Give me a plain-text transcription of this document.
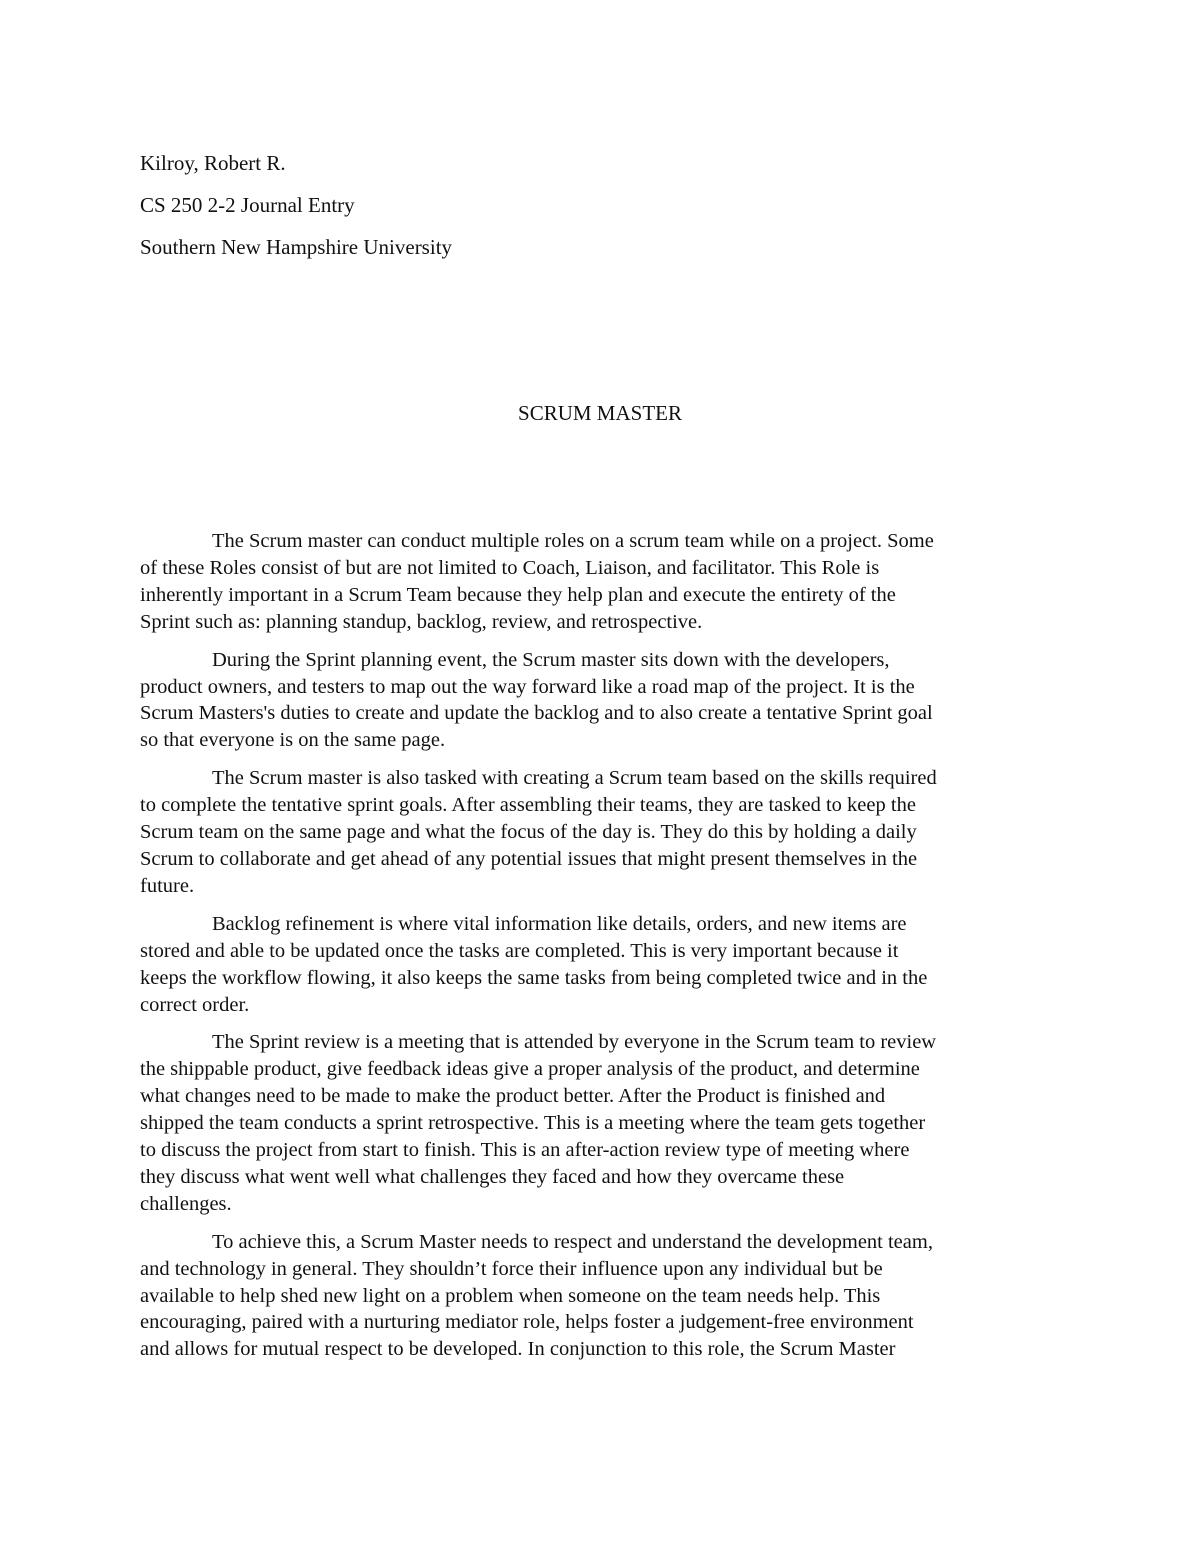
Kilroy, Robert R.
CS 250 2-2 Journal Entry
Southern New Hampshire University
SCRUM MASTER

The Scrum master can conduct multiple roles on a scrum team while on a project. Some
of these Roles consist of but are not limited to Coach, Liaison, and facilitator. This Role is
inherently important in a Scrum Team because they help plan and execute the entirety of the
Sprint such as: planning standup, backlog, review, and retrospective.

During the Sprint planning event, the Scrum master sits down with the developers,
product owners, and testers to map out the way forward like a road map of the project. It is the
Scrum Masters's duties to create and update the backlog and to also create a tentative Sprint goal
so that everyone is on the same page.

The Scrum master is also tasked with creating a Scrum team based on the skills required
to complete the tentative sprint goals. After assembling their teams, they are tasked to keep the
Scrum team on the same page and what the focus of the day is. They do this by holding a daily
Scrum to collaborate and get ahead of any potential issues that might present themselves in the
future.

Backlog refinement is where vital information like details, orders, and new items are
stored and able to be updated once the tasks are completed. This is very important because it
keeps the workflow flowing, it also keeps the same tasks from being completed twice and in the
correct order.

The Sprint review is a meeting that is attended by everyone in the Scrum team to review
the shippable product, give feedback ideas give a proper analysis of the product, and determine
what changes need to be made to make the product better. After the Product is finished and
shipped the team conducts a sprint retrospective. This is a meeting where the team gets together
to discuss the project from start to finish. This is an after-action review type of meeting where
they discuss what went well what challenges they faced and how they overcame these
challenges.

To achieve this, a Scrum Master needs to respect and understand the development team,
and technology in general. They shouldn’t force their influence upon any individual but be
available to help shed new light on a problem when someone on the team needs help. This
encouraging, paired with a nurturing mediator role, helps foster a judgement-free environment
and allows for mutual respect to be developed. In conjunction to this role, the Scrum Master
